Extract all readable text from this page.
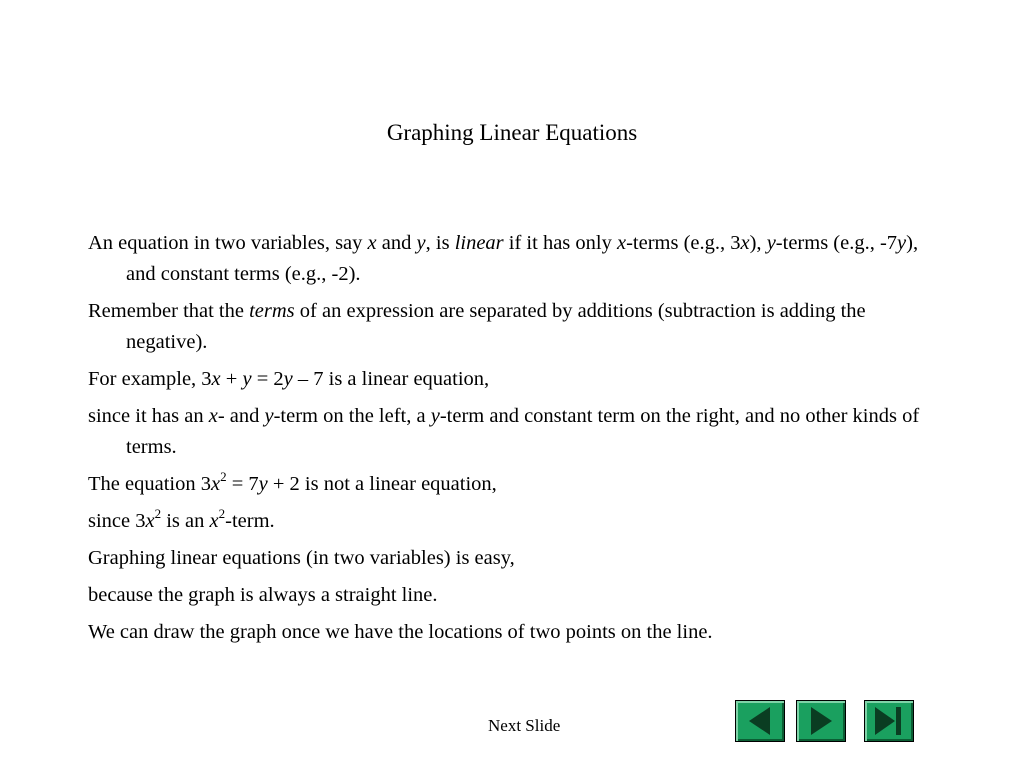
Graphing Linear Equations

An equation in two variables, say x and y, is linear if it has only x-terms (e.g., 3x), y-terms (e.g., -7y), and constant terms (e.g., -2).

Remember that the terms of an expression are separated by additions (subtraction is adding the negative).

For example, 3x + y = 2y – 7 is a linear equation,

since it has an x- and y-term on the left, a y-term and constant term on the right, and no other kinds of terms.

The equation $3x^2 = 7y + 2$ is not a linear equation,

since $3x^2$ is an $x^2$-term.

Graphing linear equations (in two variables) is easy,

because the graph is always a straight line.

We can draw the graph once we have the locations of two points on the line.

Next Slide
